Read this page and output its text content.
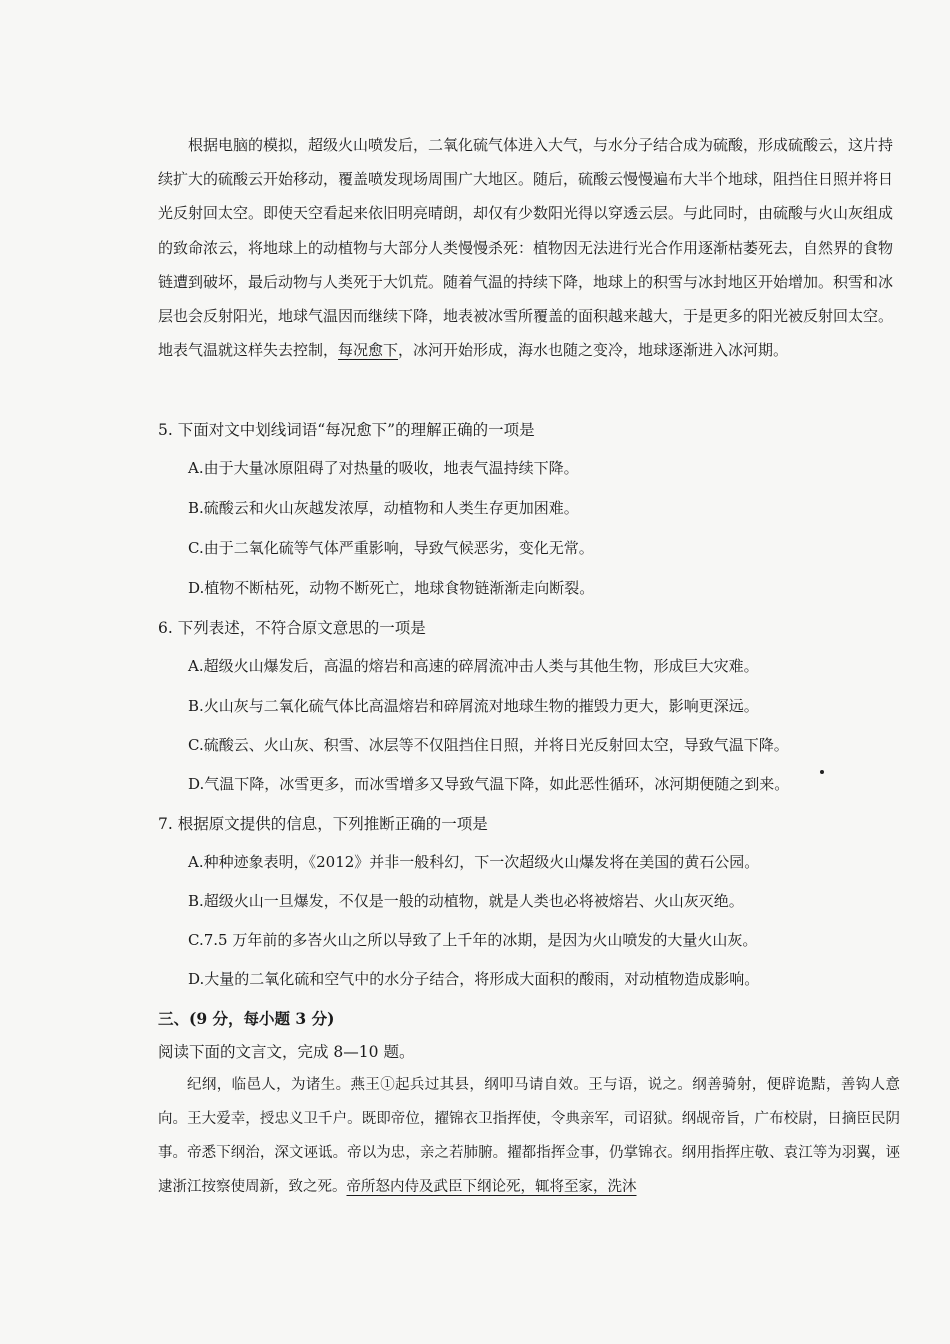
根据电脑的模拟，超级火山喷发后，二氧化硫气体进入大气，与水分子结合成为硫酸，形成硫酸云，这片持续扩大的硫酸云开始移动，覆盖喷发现场周围广大地区。随后，硫酸云慢慢遍布大半个地球，阻挡住日照并将日光反射回太空。即使天空看起来依旧明亮晴朗，却仅有少数阳光得以穿透云层。与此同时，由硫酸与火山灰组成的致命浓云，将地球上的动植物与大部分人类慢慢杀死：植物因无法进行光合作用逐渐枯萎死去，自然界的食物链遭到破坏，最后动物与人类死于大饥荒。随着气温的持续下降，地球上的积雪与冰封地区开始增加。积雪和冰层也会反射阳光，地球气温因而继续下降，地表被冰雪所覆盖的面积越来越大，于是更多的阳光被反射回太空。地表气温就这样失去控制，每况愈下，冰河开始形成，海水也随之变冷，地球逐渐进入冰河期。

5. 下面对文中划线词语“每况愈下”的理解正确的一项是

A.由于大量冰原阻碍了对热量的吸收，地表气温持续下降。

B.硫酸云和火山灰越发浓厚，动植物和人类生存更加困难。

C.由于二氧化硫等气体严重影响，导致气候恶劣，变化无常。

D.植物不断枯死，动物不断死亡，地球食物链渐渐走向断裂。

6. 下列表述，不符合原文意思的一项是

A.超级火山爆发后，高温的熔岩和高速的碎屑流冲击人类与其他生物，形成巨大灾难。

B.火山灰与二氧化硫气体比高温熔岩和碎屑流对地球生物的摧毁力更大，影响更深远。

C.硫酸云、火山灰、积雪、冰层等不仅阻挡住日照，并将日光反射回太空，导致气温下降。

D.气温下降，冰雪更多，而冰雪增多又导致气温下降，如此恶性循环，冰河期便随之到来。

7. 根据原文提供的信息，下列推断正确的一项是

A.种种迹象表明，《2012》并非一般科幻，下一次超级火山爆发将在美国的黄石公园。

B.超级火山一旦爆发，不仅是一般的动植物，就是人类也必将被熔岩、火山灰灭绝。

C.7.5 万年前的多峇火山之所以导致了上千年的冰期，是因为火山喷发的大量火山灰。

D.大量的二氧化硫和空气中的水分子结合，将形成大面积的酸雨，对动植物造成影响。

三、(9 分，每小题 3 分)

阅读下面的文言文，完成 8—10 题。

纪纲，临邑人，为诸生。燕王①起兵过其县，纲叩马请自效。王与语，说之。纲善骑射，便辟诡黠，善钩人意向。王大爱幸，授忠义卫千户。既即帝位，擢锦衣卫指挥使，令典亲军，司诏狱。纲觇帝旨，广布校尉，日摘臣民阴事。帝悉下纲治，深文诬诋。帝以为忠，亲之若肺腑。擢都指挥佥事，仍掌锦衣。纲用指挥庄敬、袁江等为羽翼，诬逮浙江按察使周新，致之死。帝所怒内侍及武臣下纲论死，辄将至家，洗沐
